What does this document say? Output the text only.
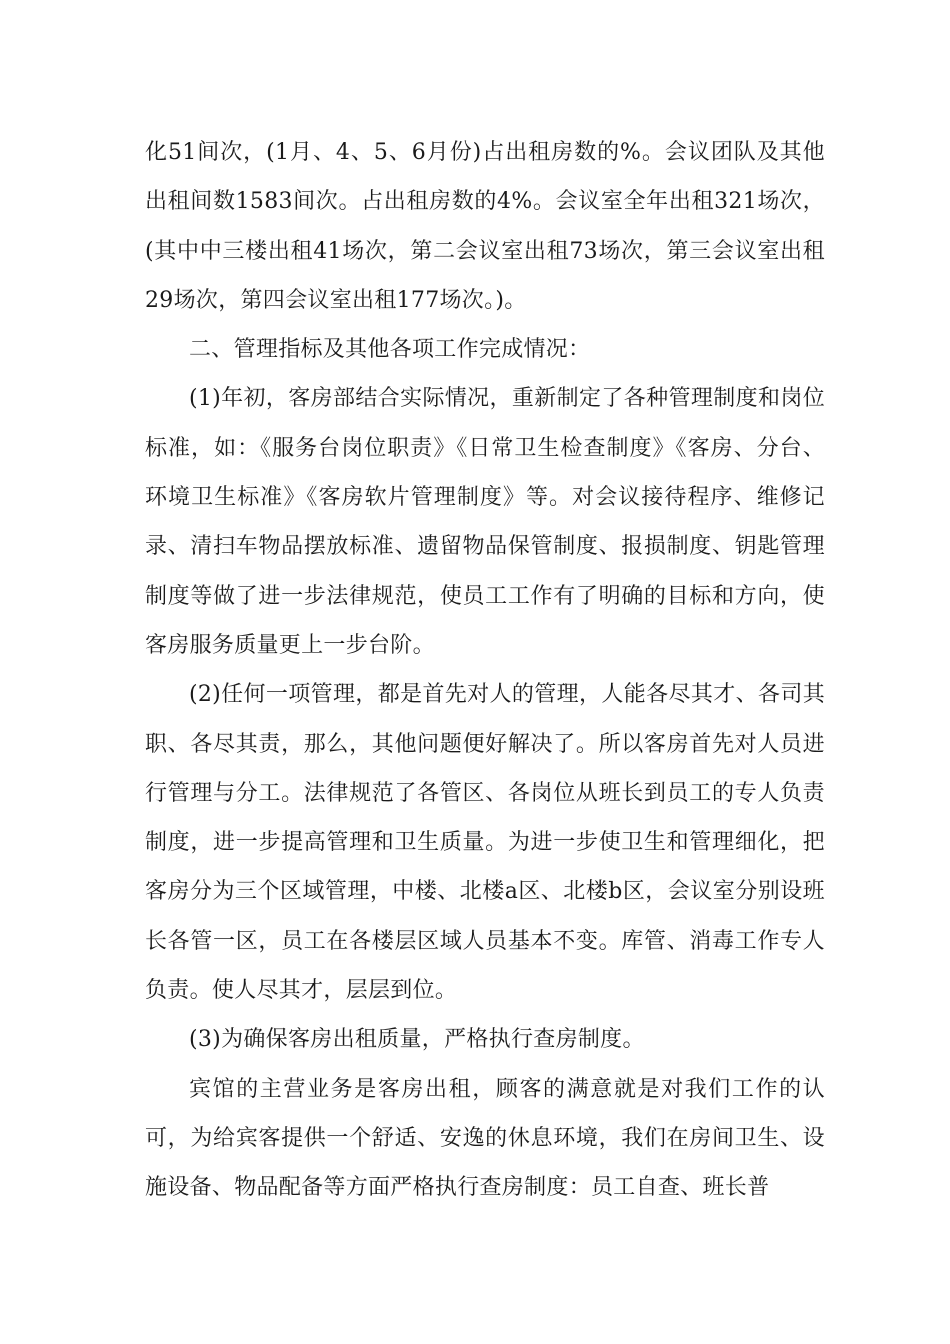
化51间次，(1月、4、5、6月份)占出租房数的%。会议团队及其他出租间数1583间次。占出租房数的4%。会议室全年出租321场次，(其中中三楼出租41场次，第二会议室出租73场次，第三会议室出租29场次，第四会议室出租177场次。)。

二、管理指标及其他各项工作完成情况：

(1)年初，客房部结合实际情况，重新制定了各种管理制度和岗位标准，如：《服务台岗位职责》《日常卫生检查制度》《客房、分台、环境卫生标准》《客房软片管理制度》等。对会议接待程序、维修记录、清扫车物品摆放标准、遗留物品保管制度、报损制度、钥匙管理制度等做了进一步法律规范，使员工工作有了明确的目标和方向，使客房服务质量更上一步台阶。

(2)任何一项管理，都是首先对人的管理，人能各尽其才、各司其职、各尽其责，那么，其他问题便好解决了。所以客房首先对人员进行管理与分工。法律规范了各管区、各岗位从班长到员工的专人负责制度，进一步提高管理和卫生质量。为进一步使卫生和管理细化，把客房分为三个区域管理，中楼、北楼a区、北楼b区，会议室分别设班长各管一区，员工在各楼层区域人员基本不变。库管、消毒工作专人负责。使人尽其才，层层到位。

(3)为确保客房出租质量，严格执行查房制度。

宾馆的主营业务是客房出租，顾客的满意就是对我们工作的认可，为给宾客提供一个舒适、安逸的休息环境，我们在房间卫生、设施设备、物品配备等方面严格执行查房制度：员工自查、班长普
